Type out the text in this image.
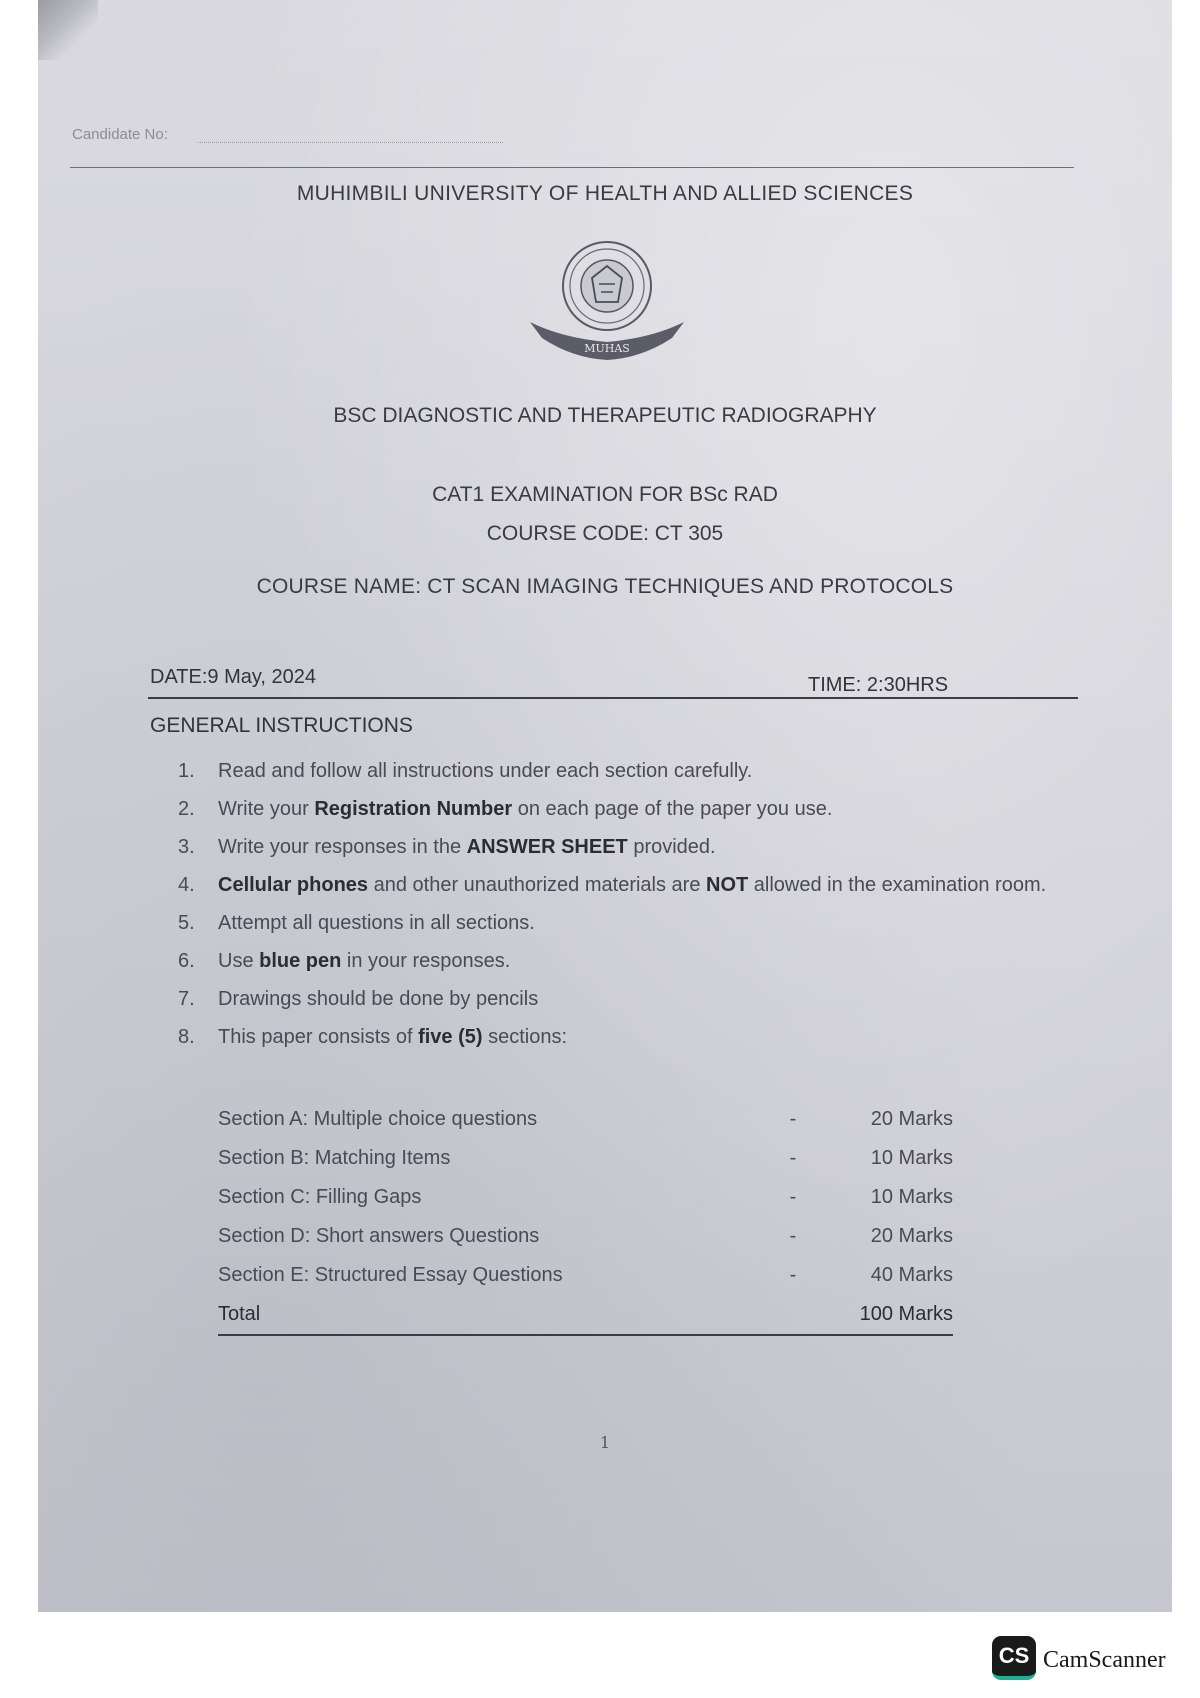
Candidate No:
MUHIMBILI UNIVERSITY OF HEALTH AND ALLIED SCIENCES
MUHAS
BSC DIAGNOSTIC AND THERAPEUTIC RADIOGRAPHY
CAT1 EXAMINATION FOR BSc RAD
COURSE CODE: CT 305
COURSE NAME: CT SCAN IMAGING TECHNIQUES AND PROTOCOLS
DATE:9 May, 2024	TIME: 2:30HRS
GENERAL INSTRUCTIONS
1.	Read and follow all instructions under each section carefully.
2.	Write your Registration Number on each page of the paper you use.
3.	Write your responses in the ANSWER SHEET provided.
4.	Cellular phones and other unauthorized materials are NOT allowed in the examination room.
5.	Attempt all questions in all sections.
6.	Use blue pen in your responses.
7.	Drawings should be done by pencils
8.	This paper consists of five (5) sections:
Section A: Multiple choice questions	-	20 Marks
Section B: Matching Items	-	10 Marks
Section C: Filling Gaps	-	10 Marks
Section D: Short answers Questions	-	20 Marks
Section E: Structured Essay Questions	-	40 Marks
Total		100 Marks
1
CS CamScanner
